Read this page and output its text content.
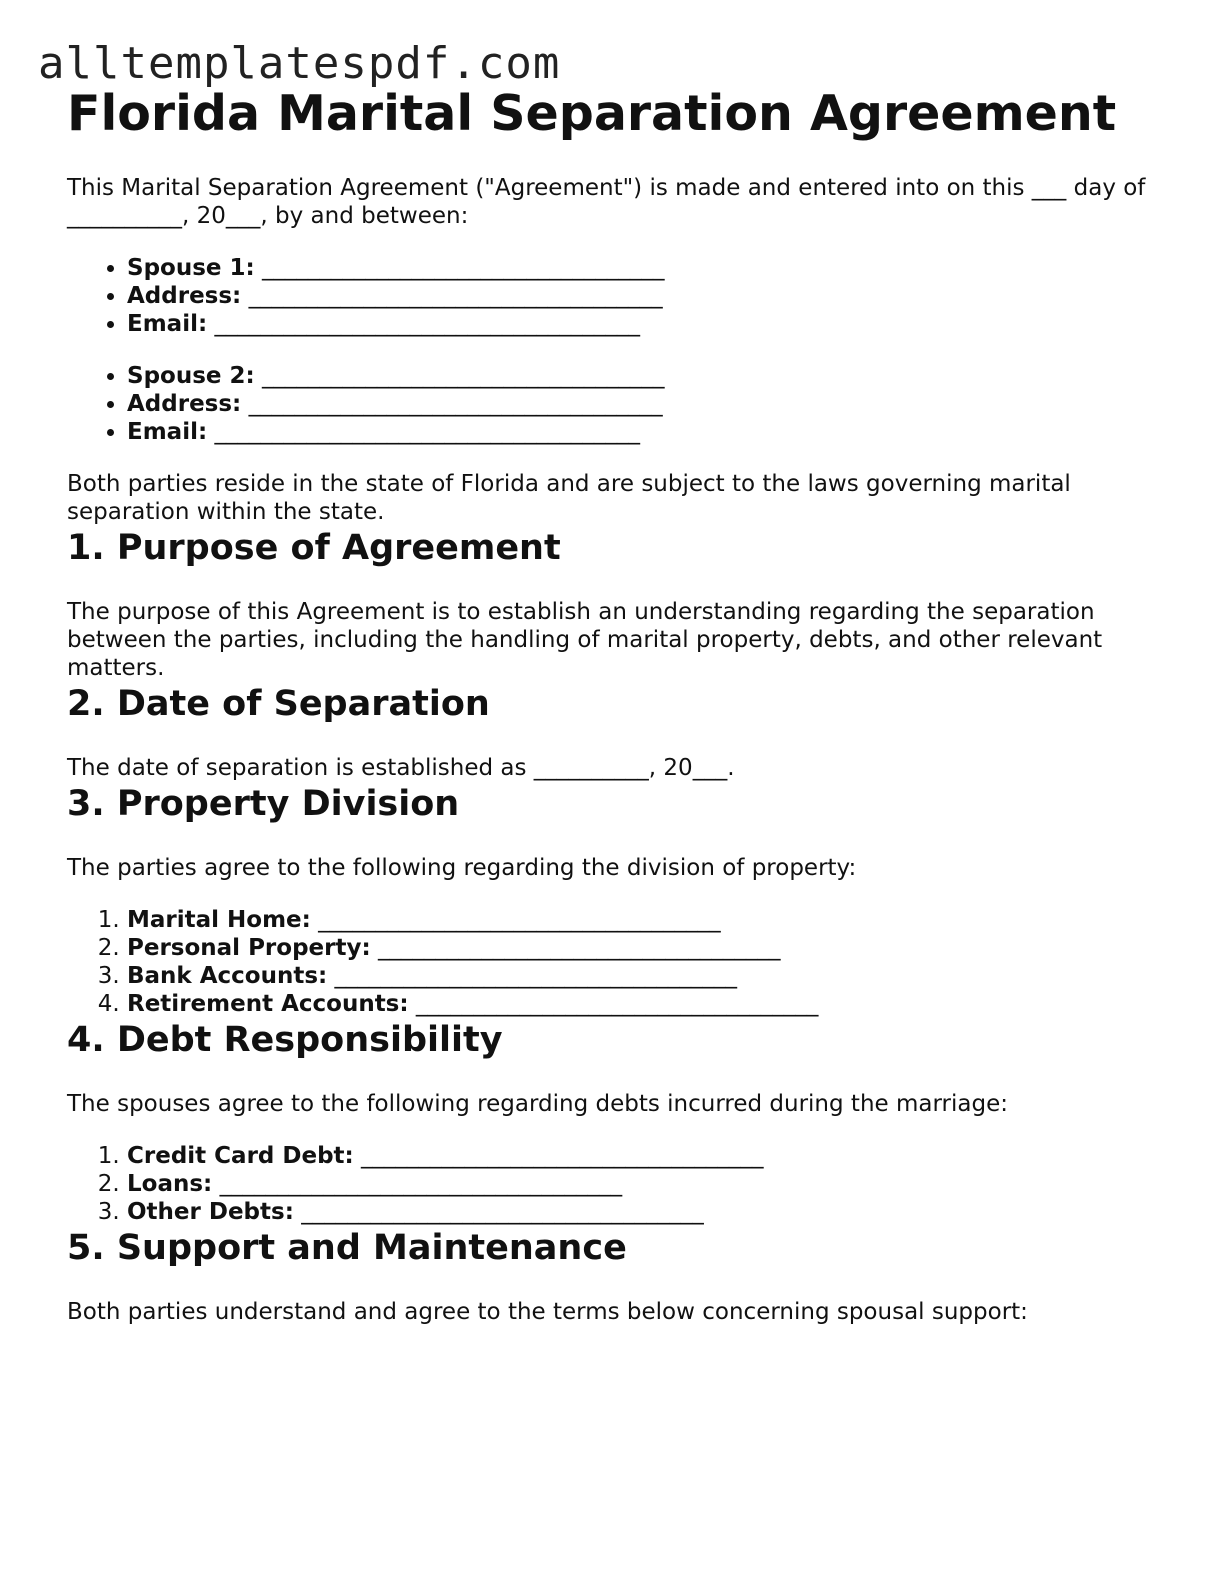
alltemplatespdf.com
Florida Marital Separation Agreement

This Marital Separation Agreement ("Agreement") is made and entered into on this ___ day of __________, 20___, by and between:

• Spouse 1: ___________________________________
• Address: ____________________________________
• Email: _____________________________________
• Spouse 2: ___________________________________
• Address: ____________________________________
• Email: _____________________________________

Both parties reside in the state of Florida and are subject to the laws governing marital separation within the state.

1. Purpose of Agreement

The purpose of this Agreement is to establish an understanding regarding the separation between the parties, including the handling of marital property, debts, and other relevant matters.

2. Date of Separation

The date of separation is established as __________, 20___.

3. Property Division

The parties agree to the following regarding the division of property:

1. Marital Home: ___________________________________
2. Personal Property: ___________________________________
3. Bank Accounts: ___________________________________
4. Retirement Accounts: ___________________________________
4. Debt Responsibility

The spouses agree to the following regarding debts incurred during the marriage:

1. Credit Card Debt: ___________________________________
2. Loans: ___________________________________
3. Other Debts: ___________________________________
5. Support and Maintenance

Both parties understand and agree to the terms below concerning spousal support:
